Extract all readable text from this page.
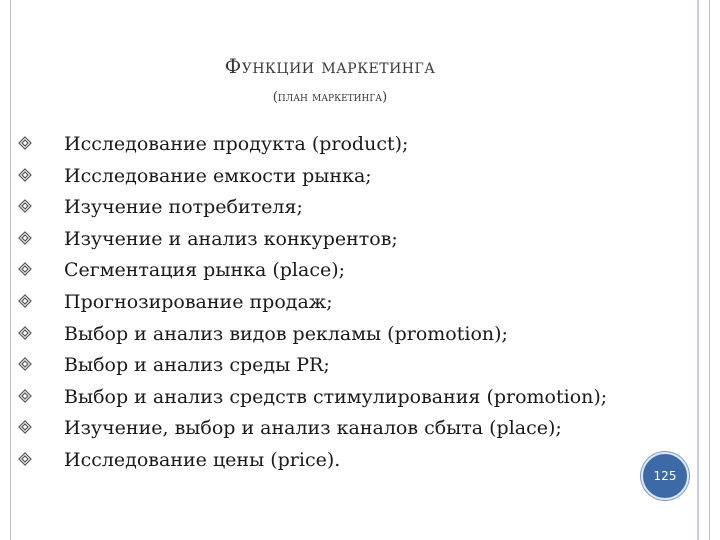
Функции маркетинга
(план маркетинга)
Исследование продукта (product);
Исследование емкости рынка;
Изучение потребителя;
Изучение и анализ конкурентов;
Сегментация рынка (place);
Прогнозирование продаж;
Выбор и анализ видов рекламы (promotion);
Выбор и анализ среды PR;
Выбор и анализ средств стимулирования (promotion);
Изучение, выбор и анализ каналов сбыта (place);
Исследование цены (price).
125
